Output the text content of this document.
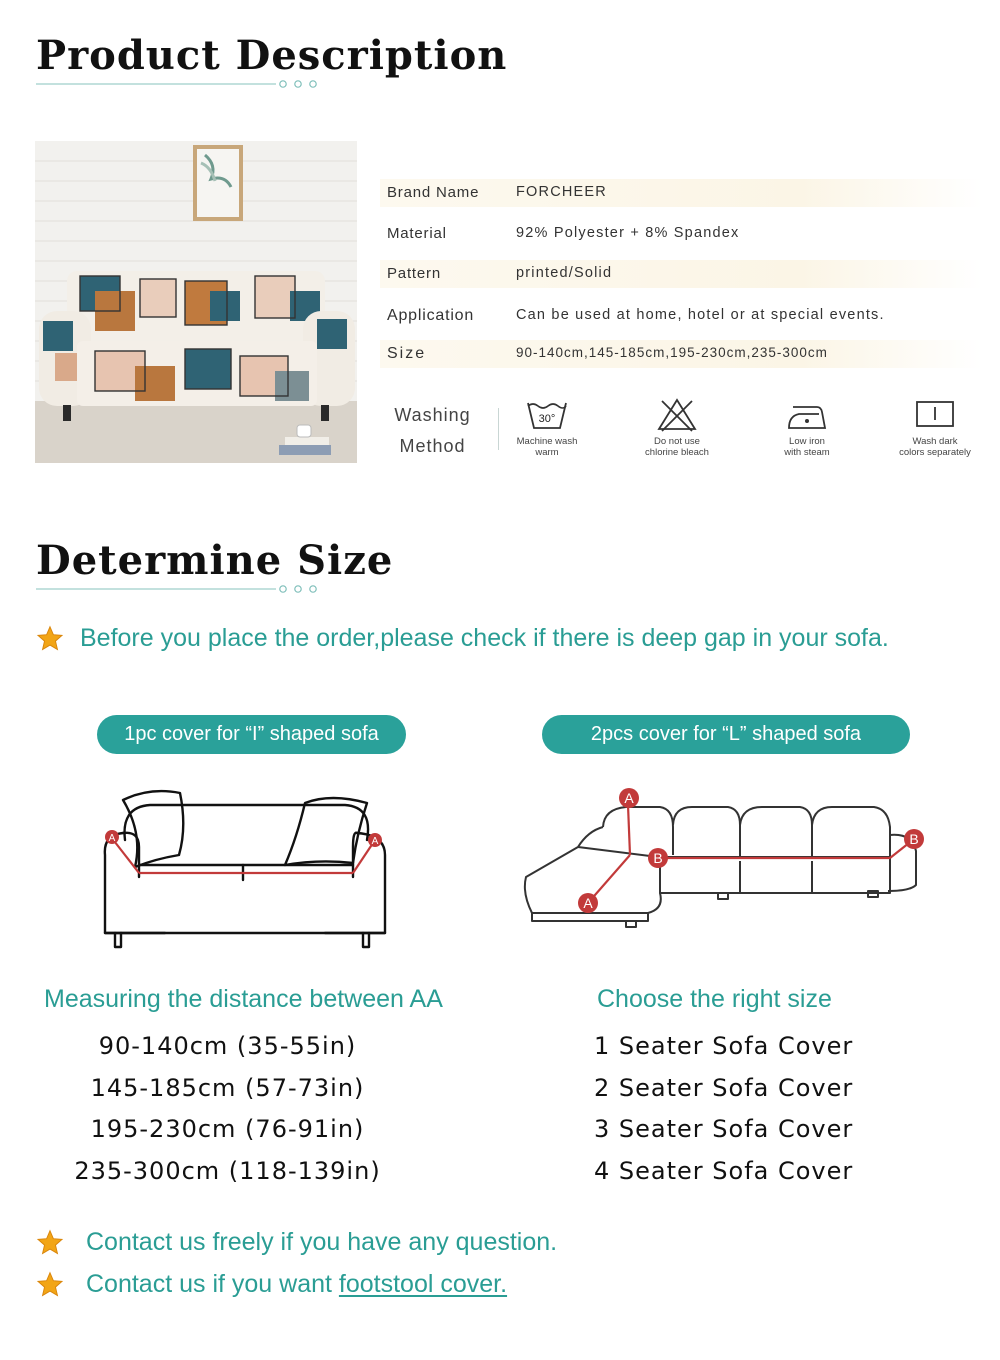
Product Description
Brand Name	FORCHEER
Material	92% Polyester + 8% Spandex
Pattern	printed/Solid
Application	Can be used at home, hotel or at special events.
Size	90-140cm,145-185cm,195-230cm,235-300cm
Washing
Method
30°
Machine wash
warm
Do not use
chlorine bleach
Low iron
with steam
Wash dark
colors separately
Determine Size
Before you place the order,please check if there is deep gap in your sofa.
1pc cover for “I” shaped sofa	2pcs cover for “L” shaped sofa
A	A
A
B
B
A
Measuring the distance between AA	Choose the right size
90-140cm (35-55in)
145-185cm (57-73in)
195-230cm (76-91in)
235-300cm (118-139in)
1 Seater Sofa Cover
2 Seater Sofa Cover
3 Seater Sofa Cover
4 Seater Sofa Cover
Contact us freely if you have any question.
Contact us if you want footstool cover.
